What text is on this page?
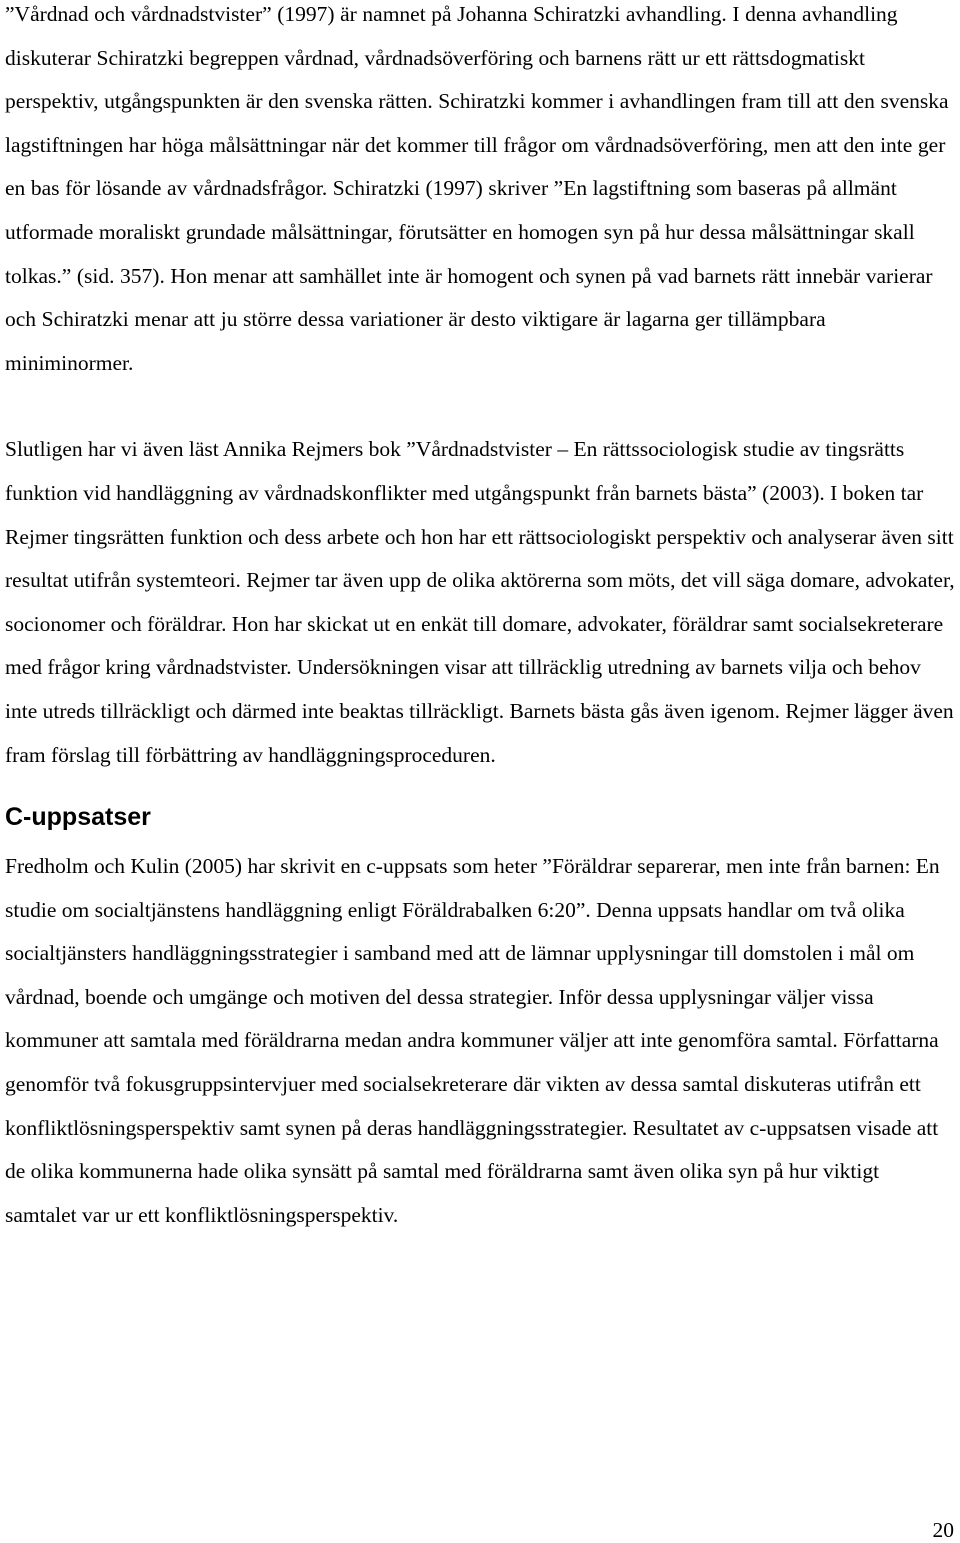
”Vårdnad och vårdnadstvister” (1997) är namnet på Johanna Schiratzki avhandling. I denna avhandling diskuterar Schiratzki begreppen vårdnad, vårdnadsöverföring och barnens rätt ur ett rättsdogmatiskt perspektiv, utgångspunkten är den svenska rätten. Schiratzki kommer i avhandlingen fram till att den svenska lagstiftningen har höga målsättningar när det kommer till frågor om vårdnadsöverföring, men att den inte ger en bas för lösande av vårdnadsfrågor. Schiratzki (1997) skriver ”En lagstiftning som baseras på allmänt utformade moraliskt grundade målsättningar, förutsätter en homogen syn på hur dessa målsättningar skall tolkas.” (sid. 357). Hon menar att samhället inte är homogent och synen på vad barnets rätt innebär varierar och Schiratzki menar att ju större dessa variationer är desto viktigare är lagarna ger tillämpbara miniminormer.

Slutligen har vi även läst Annika Rejmers bok ”Vårdnadstvister – En rättssociologisk studie av tingsrätts funktion vid handläggning av vårdnadskonflikter med utgångspunkt från barnets bästa” (2003). I boken tar Rejmer tingsrätten funktion och dess arbete och hon har ett rättsociologiskt perspektiv och analyserar även sitt resultat utifrån systemteori. Rejmer tar även upp de olika aktörerna som möts, det vill säga domare, advokater, socionomer och föräldrar. Hon har skickat ut en enkät till domare, advokater, föräldrar samt socialsekreterare med frågor kring vårdnadstvister. Undersökningen visar att tillräcklig utredning av barnets vilja och behov inte utreds tillräckligt och därmed inte beaktas tillräckligt. Barnets bästa gås även igenom. Rejmer lägger även fram förslag till förbättring av handläggningsproceduren.

C-uppsatser

Fredholm och Kulin (2005) har skrivit en c-uppsats som heter ”Föräldrar separerar, men inte från barnen: En studie om socialtjänstens handläggning enligt Föräldrabalken 6:20”. Denna uppsats handlar om två olika socialtjänsters handläggningsstrategier i samband med att de lämnar upplysningar till domstolen i mål om vårdnad, boende och umgänge och motiven del dessa strategier. Inför dessa upplysningar väljer vissa kommuner att samtala med föräldrarna medan andra kommuner väljer att inte genomföra samtal. Författarna genomför två fokusgruppsintervjuer med socialsekreterare där vikten av dessa samtal diskuteras utifrån ett konfliktlösningsperspektiv samt synen på deras handläggningsstrategier. Resultatet av c-uppsatsen visade att de olika kommunerna hade olika synsätt på samtal med föräldrarna samt även olika syn på hur viktigt samtalet var ur ett konfliktlösningsperspektiv.

20
